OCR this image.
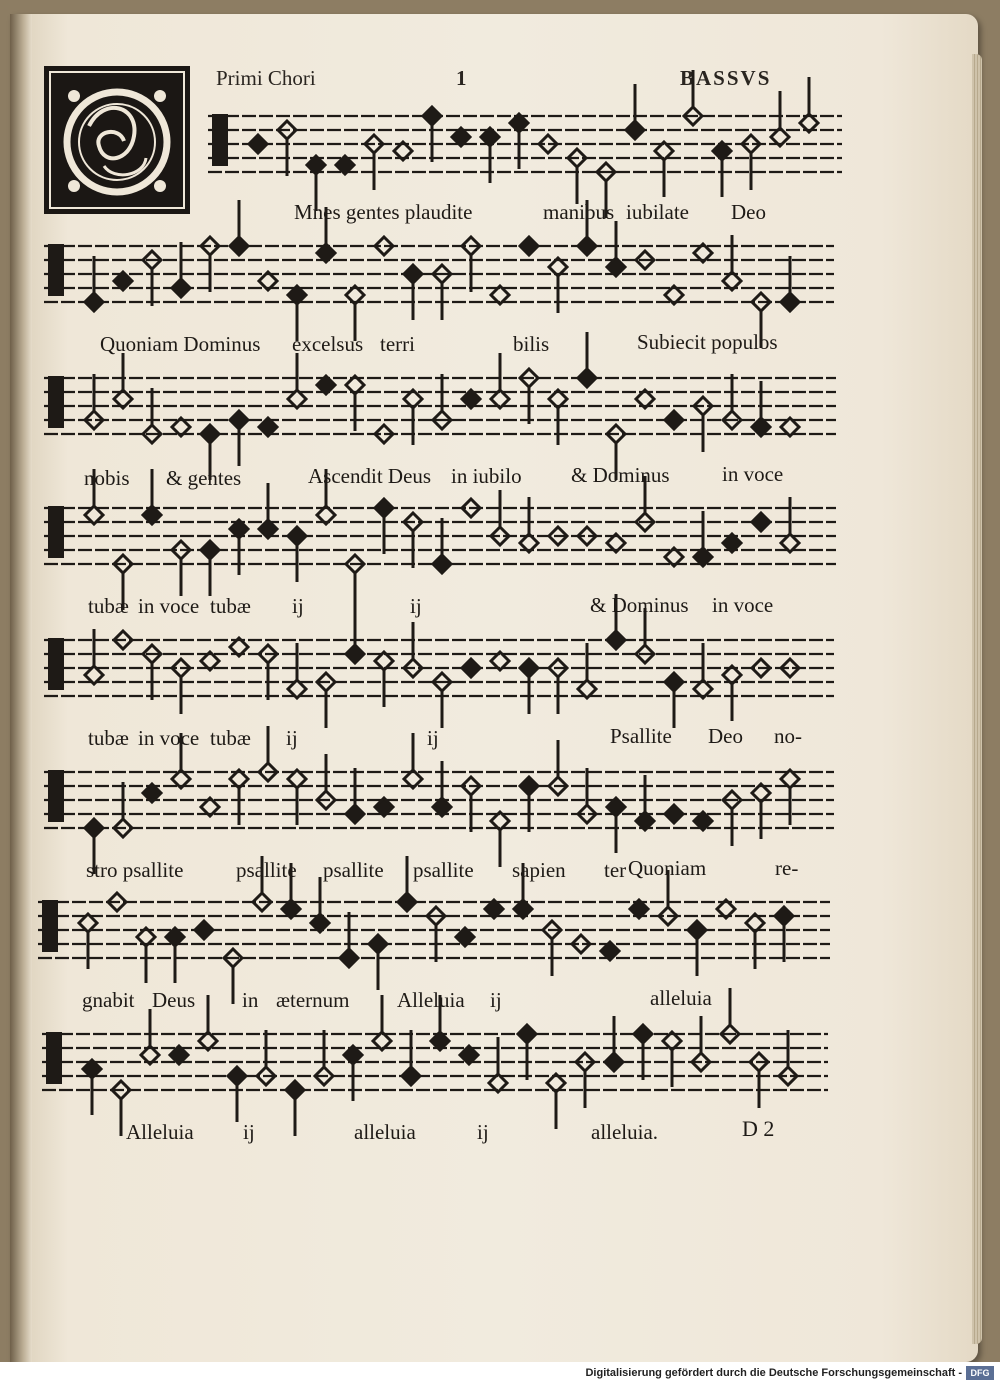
Primi Chori	1	BASSVS
Mnes gentes plaudite	manibus iubilate Deo
Quoniam Dominus excelsus terri	bilis	Subiecit populos
nobis & gentes	Ascendit Deus in iubilo & Dominus in voce
tubæ in voce tubæ ij	ij	& Dominus in voce
tubæ in voce tubæ ij	ij	Psallite Deo no-
stro psallite	psallite psallite psallite sapien ter Quoniam	re-
gnabit Deus in æternum Alleluia ij	alleluia
Alleluia ij	alleluia	ij	alleluia.	D 2
Digitalisierung gefördert durch die Deutsche Forschungsgemeinschaft - DFG
